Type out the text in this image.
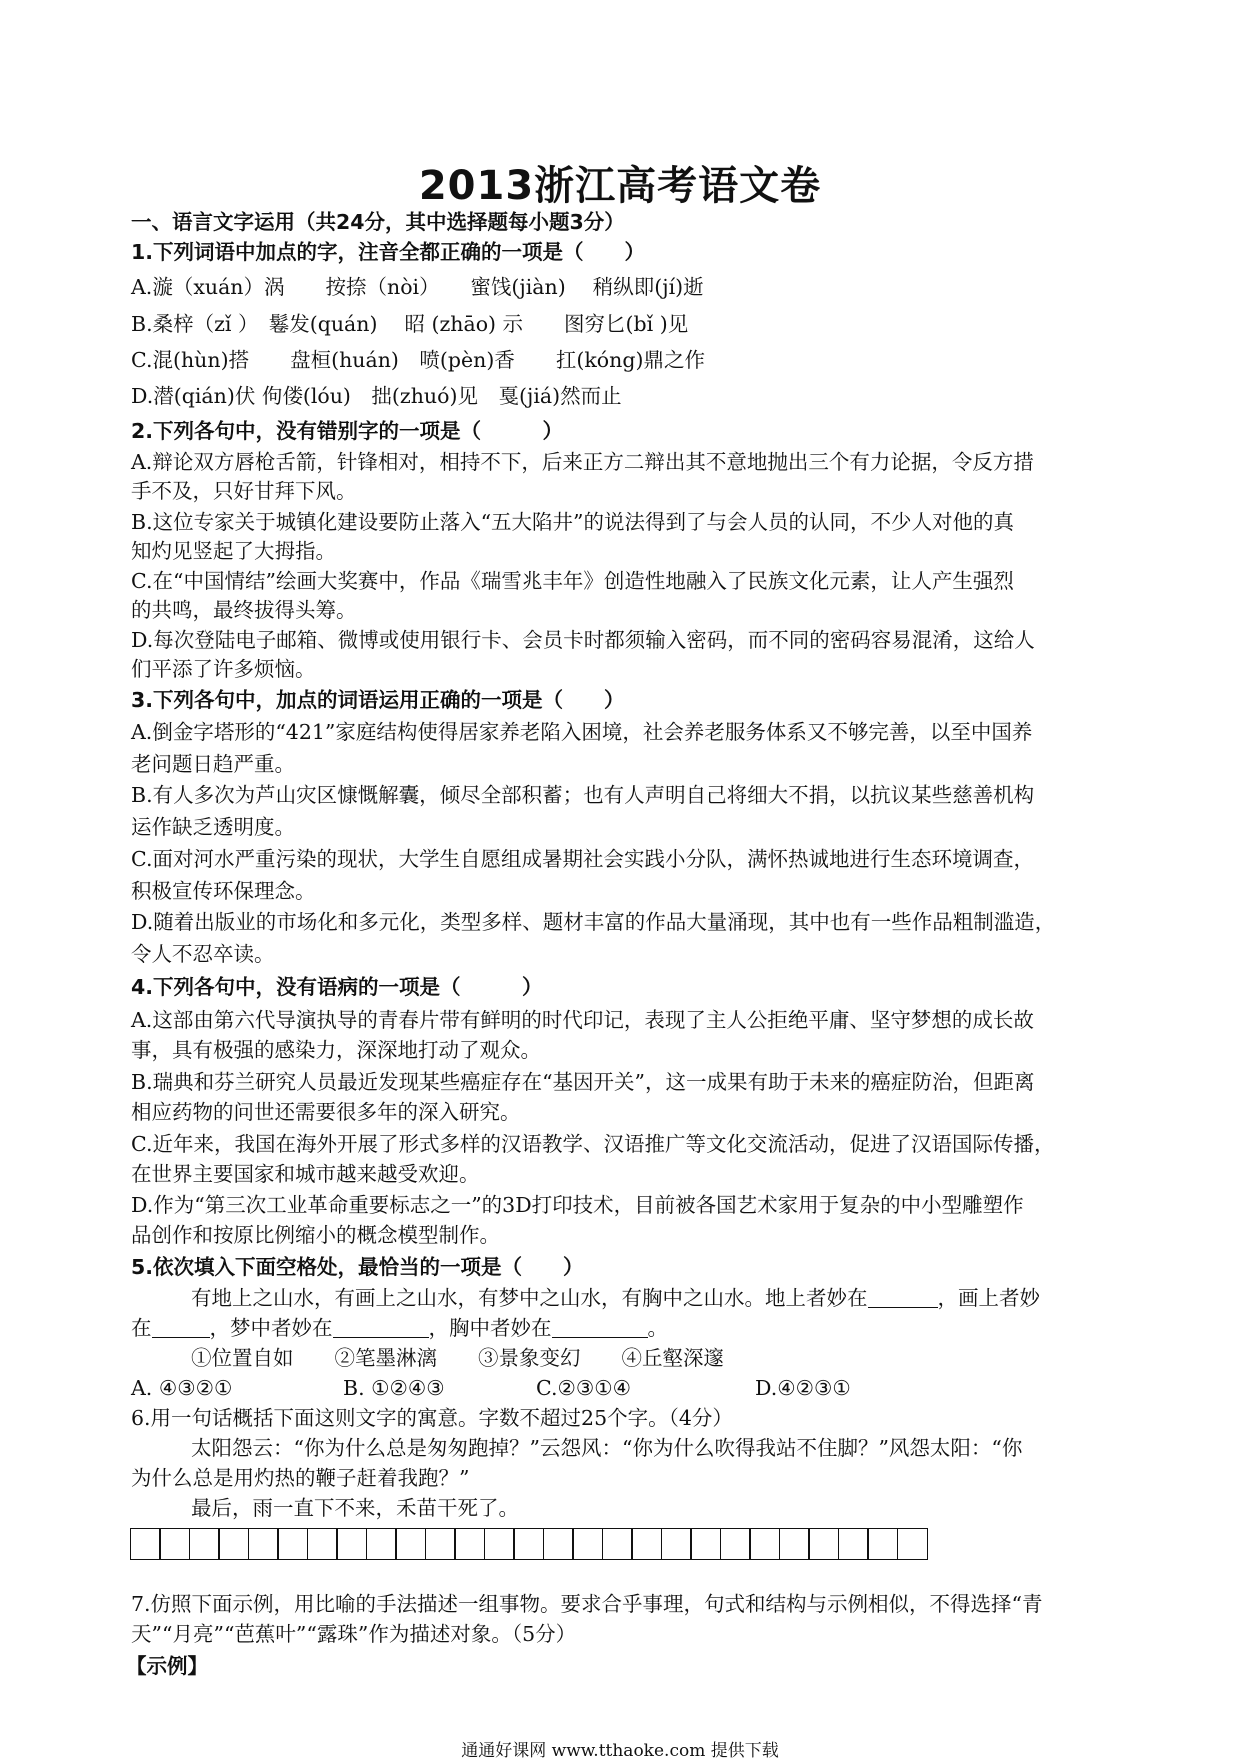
2013浙江高考语文卷
一、语言文字运用（共24分，其中选择题每小题3分）
1.下列词语中加点的字，注音全都正确的一项是（　　）
A.漩（xuán）涡　　按捺（nòi）　　蜜饯(jiàn)　 稍纵即(jí)逝
B.桑梓（zǐ ）　鬈发(quán)　 昭 (zhāo) 示　　图穷匕(bǐ )见
C.混(hùn)搭　　盘桓(huán)　喷(pèn)香　　扛(kóng)鼎之作
D.潜(qián)伏 佝偻(lóu)　拙(zhuó)见　戛(jiá)然而止
2.下列各句中，没有错别字的一项是（　　　）
A.辩论双方唇枪舌箭，针锋相对，相持不下，后来正方二辩出其不意地抛出三个有力论据，令反方措
手不及，只好甘拜下风。
B.这位专家关于城镇化建设要防止落入“五大陷井”的说法得到了与会人员的认同，不少人对他的真
知灼见竖起了大拇指。
C.在“中国情结”绘画大奖赛中，作品《瑞雪兆丰年》创造性地融入了民族文化元素，让人产生强烈
的共鸣，最终拔得头筹。
D.每次登陆电子邮箱、微博或使用银行卡、会员卡时都须输入密码，而不同的密码容易混淆，这给人
们平添了许多烦恼。
3.下列各句中，加点的词语运用正确的一项是（　　）
A.倒金字塔形的“421”家庭结构使得居家养老陷入困境，社会养老服务体系又不够完善，以至中国养
老问题日趋严重。
B.有人多次为芦山灾区慷慨解囊，倾尽全部积蓄；也有人声明自己将细大不捐，以抗议某些慈善机构
运作缺乏透明度。
C.面对河水严重污染的现状，大学生自愿组成暑期社会实践小分队，满怀热诚地进行生态环境调查，
积极宣传环保理念。
D.随着出版业的市场化和多元化，类型多样、题材丰富的作品大量涌现，其中也有一些作品粗制滥造，
令人不忍卒读。
4.下列各句中，没有语病的一项是（　　　）
A.这部由第六代导演执导的青春片带有鲜明的时代印记，表现了主人公拒绝平庸、坚守梦想的成长故
事，具有极强的感染力，深深地打动了观众。
B.瑞典和芬兰研究人员最近发现某些癌症存在“基因开关”，这一成果有助于未来的癌症防治，但距离
相应药物的问世还需要很多年的深入研究。
C.近年来，我国在海外开展了形式多样的汉语教学、汉语推广等文化交流活动，促进了汉语国际传播，
在世界主要国家和城市越来越受欢迎。
D.作为“第三次工业革命重要标志之一”的3D打印技术，目前被各国艺术家用于复杂的中小型雕塑作
品创作和按原比例缩小的概念模型制作。
5.依次填入下面空格处，最恰当的一项是（　　）
有地上之山水，有画上之山水，有梦中之山水，有胸中之山水。地上者妙在	，画上者妙
在	，梦中者妙在	，胸中者妙在	。
①位置自如　　②笔墨淋漓　　③景象变幻　　④丘壑深邃
A. ④③②①	B. ①②④③	C.②③①④	D.④②③①
6.用一句话概括下面这则文字的寓意。字数不超过25个字。（4分）
太阳怨云：“你为什么总是匆匆跑掉？”云怨风：“你为什么吹得我站不住脚？”风怨太阳：“你
为什么总是用灼热的鞭子赶着我跑？”
最后，雨一直下不来，禾苗干死了。
7.仿照下面示例，用比喻的手法描述一组事物。要求合乎事理，句式和结构与示例相似，不得选择“青
天”“月亮”“芭蕉叶”“露珠”作为描述对象。（5分）
【示例】
通通好课网 www.tthaoke.com 提供下载
